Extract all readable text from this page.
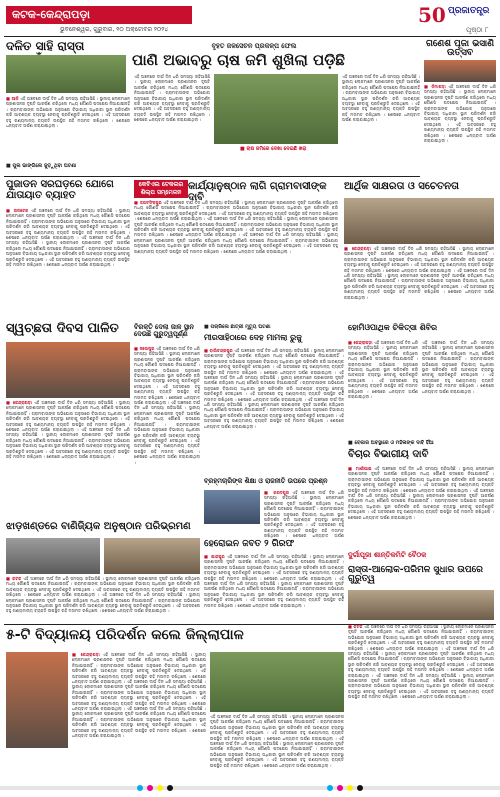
କଟକ-କେନ୍ଦ୍ରାପଡ଼ା
ଭୁବନେଶ୍ୱର, ଗୁରୁବାର, ୧୦ ଅକ୍ଟୋବର ୨୦୨୪
50 ପ୍ରଜାତନ୍ତ୍ର
ପୃଷ୍ଠା ୮
ଦଳିତ ସାହି ରାସ୍ତା
■ ଆଳି ଏହି ଅଞ୍ଚଳରେ ଦୀର୍ଘ ଦିନ ଧରି ସମସ୍ୟା ରହିଆସିଛି । ସ୍ଥାନୀୟ ଲୋକମାନେ ପ୍ରଶାସନର ଦୃଷ୍ଟି ଆକର୍ଷଣ କରିଥିଲେ ମଧ୍ୟ କୌଣସି ପଦକ୍ଷେପ ନିଆଯାଇନାହିଁ । ଗ୍ରାମବାସୀଙ୍କ ଅଭିଯୋଗ ଅନୁସାରେ ବିଭାଗୀୟ ଅଧିକାରୀ ସ୍ଥାନ ପରିଦର୍ଶନ କରି ଆବଶ୍ୟକ ବ୍ୟବସ୍ଥା ନେବାକୁ ପ୍ରତିଶ୍ରୁତି ଦେଇଥିଲେ । ଏହି ଅବସରରେ ବହୁ ଗଣ୍ୟମାନ୍ୟ ବ୍ୟକ୍ତି ଉପସ୍ଥିତ ରହି ମତାମତ ରଖିଥିଲେ । ଶେଷରେ ଧନ୍ୟବାଦ ଅର୍ପଣ କରାଯାଇଥିଲା ।
ବୃହତ ଜଳସେଚନ ପ୍ରକଳ୍ପ ଫେଲ
ପାଣି ଅଭାବରୁ ଚାଷ ଜମି ଶୁଖିଲା ପଡ଼ିଛି
ଏହି ଅଞ୍ଚଳରେ ଦୀର୍ଘ ଦିନ ଧରି ସମସ୍ୟା ରହିଆସିଛି । ସ୍ଥାନୀୟ ଲୋକମାନେ ପ୍ରଶାସନର ଦୃଷ୍ଟି ଆକର୍ଷଣ କରିଥିଲେ ମଧ୍ୟ କୌଣସି ପଦକ୍ଷେପ ନିଆଯାଇନାହିଁ । ଗ୍ରାମବାସୀଙ୍କ ଅଭିଯୋଗ ଅନୁସାରେ ବିଭାଗୀୟ ଅଧିକାରୀ ସ୍ଥାନ ପରିଦର୍ଶନ କରି ଆବଶ୍ୟକ ବ୍ୟବସ୍ଥା ନେବାକୁ ପ୍ରତିଶ୍ରୁତି ଦେଇଥିଲେ । ଏହି ଅବସରରେ ବହୁ ଗଣ୍ୟମାନ୍ୟ ବ୍ୟକ୍ତି ଉପସ୍ଥିତ ରହି ମତାମତ ରଖିଥିଲେ । ଶେଷରେ ଧନ୍ୟବାଦ ଅର୍ପଣ କରାଯାଇଥିଲା ।
■ ଚାଷ ଜମିରେ ଦେଖା ଦେଇଛି ଖରା
ଏହି ଅଞ୍ଚଳରେ ଦୀର୍ଘ ଦିନ ଧରି ସମସ୍ୟା ରହିଆସିଛି । ସ୍ଥାନୀୟ ଲୋକମାନେ ପ୍ରଶାସନର ଦୃଷ୍ଟି ଆକର୍ଷଣ କରିଥିଲେ ମଧ୍ୟ କୌଣସି ପଦକ୍ଷେପ ନିଆଯାଇନାହିଁ । ଗ୍ରାମବାସୀଙ୍କ ଅଭିଯୋଗ ଅନୁସାରେ ବିଭାଗୀୟ ଅଧିକାରୀ ସ୍ଥାନ ପରିଦର୍ଶନ କରି ଆବଶ୍ୟକ ବ୍ୟବସ୍ଥା ନେବାକୁ ପ୍ରତିଶ୍ରୁତି ଦେଇଥିଲେ । ଏହି ଅବସରରେ ବହୁ ଗଣ୍ୟମାନ୍ୟ ବ୍ୟକ୍ତି ଉପସ୍ଥିତ ରହି ମତାମତ ରଖିଥିଲେ । ଶେଷରେ ଧନ୍ୟବାଦ ଅର୍ପଣ କରାଯାଇଥିଲା ।
ଗଣେଶ ପୂଜା ଭସାଣି ଉତ୍ସବ
■ ନିମାପଡ଼ା ଏହି ଅଞ୍ଚଳରେ ଦୀର୍ଘ ଦିନ ଧରି ସମସ୍ୟା ରହିଆସିଛି । ସ୍ଥାନୀୟ ଲୋକମାନେ ପ୍ରଶାସନର ଦୃଷ୍ଟି ଆକର୍ଷଣ କରିଥିଲେ ମଧ୍ୟ କୌଣସି ପଦକ୍ଷେପ ନିଆଯାଇନାହିଁ । ଗ୍ରାମବାସୀଙ୍କ ଅଭିଯୋଗ ଅନୁସାରେ ବିଭାଗୀୟ ଅଧିକାରୀ ସ୍ଥାନ ପରିଦର୍ଶନ କରି ଆବଶ୍ୟକ ବ୍ୟବସ୍ଥା ନେବାକୁ ପ୍ରତିଶ୍ରୁତି ଦେଇଥିଲେ । ଏହି ଅବସରରେ ବହୁ ଗଣ୍ୟମାନ୍ୟ ବ୍ୟକ୍ତି ଉପସ୍ଥିତ ରହି ମତାମତ ରଖିଥିଲେ । ଶେଷରେ ଧନ୍ୟବାଦ ଅର୍ପଣ କରାଯାଇଥିଲା ।
■ ପୁଲ ଭାଙ୍ଗିଲେ ଜୁଡ଼ୁଥିବା ଘଟଣା
ପୁଜାଡନ ସରଘଡ଼ରେ ଯୋଗେ ଯାତାୟାତ ବ୍ୟାହତ
■ ତାଳଚେର ଏହି ଅଞ୍ଚଳରେ ଦୀର୍ଘ ଦିନ ଧରି ସମସ୍ୟା ରହିଆସିଛି । ସ୍ଥାନୀୟ ଲୋକମାନେ ପ୍ରଶାସନର ଦୃଷ୍ଟି ଆକର୍ଷଣ କରିଥିଲେ ମଧ୍ୟ କୌଣସି ପଦକ୍ଷେପ ନିଆଯାଇନାହିଁ । ଗ୍ରାମବାସୀଙ୍କ ଅଭିଯୋଗ ଅନୁସାରେ ବିଭାଗୀୟ ଅଧିକାରୀ ସ୍ଥାନ ପରିଦର୍ଶନ କରି ଆବଶ୍ୟକ ବ୍ୟବସ୍ଥା ନେବାକୁ ପ୍ରତିଶ୍ରୁତି ଦେଇଥିଲେ । ଏହି ଅବସରରେ ବହୁ ଗଣ୍ୟମାନ୍ୟ ବ୍ୟକ୍ତି ଉପସ୍ଥିତ ରହି ମତାମତ ରଖିଥିଲେ । ଶେଷରେ ଧନ୍ୟବାଦ ଅର୍ପଣ କରାଯାଇଥିଲା । ଏହି ଅଞ୍ଚଳରେ ଦୀର୍ଘ ଦିନ ଧରି ସମସ୍ୟା ରହିଆସିଛି । ସ୍ଥାନୀୟ ଲୋକମାନେ ପ୍ରଶାସନର ଦୃଷ୍ଟି ଆକର୍ଷଣ କରିଥିଲେ ମଧ୍ୟ କୌଣସି ପଦକ୍ଷେପ ନିଆଯାଇନାହିଁ । ଗ୍ରାମବାସୀଙ୍କ ଅଭିଯୋଗ ଅନୁସାରେ ବିଭାଗୀୟ ଅଧିକାରୀ ସ୍ଥାନ ପରିଦର୍ଶନ କରି ଆବଶ୍ୟକ ବ୍ୟବସ୍ଥା ନେବାକୁ ପ୍ରତିଶ୍ରୁତି ଦେଇଥିଲେ । ଏହି ଅବସରରେ ବହୁ ଗଣ୍ୟମାନ୍ୟ ବ୍ୟକ୍ତି ଉପସ୍ଥିତ ରହି ମତାମତ ରଖିଥିଲେ । ଶେଷରେ ଧନ୍ୟବାଦ ଅର୍ପଣ କରାଯାଇଥିଲା ।
କେବିଏଲ ଟେକଲର
ଶିଲ୍ପ ସମ୍ମେଳନ
କାର୍ଯ୍ୟାନୁଷ୍ଠାନ ଲାଗି ଗ୍ରାମବାସୀଙ୍କ ଦାବି
■ ଜଗତସିଂହପୁର ଏହି ଅଞ୍ଚଳରେ ଦୀର୍ଘ ଦିନ ଧରି ସମସ୍ୟା ରହିଆସିଛି । ସ୍ଥାନୀୟ ଲୋକମାନେ ପ୍ରଶାସନର ଦୃଷ୍ଟି ଆକର୍ଷଣ କରିଥିଲେ ମଧ୍ୟ କୌଣସି ପଦକ୍ଷେପ ନିଆଯାଇନାହିଁ । ଗ୍ରାମବାସୀଙ୍କ ଅଭିଯୋଗ ଅନୁସାରେ ବିଭାଗୀୟ ଅଧିକାରୀ ସ୍ଥାନ ପରିଦର୍ଶନ କରି ଆବଶ୍ୟକ ବ୍ୟବସ୍ଥା ନେବାକୁ ପ୍ରତିଶ୍ରୁତି ଦେଇଥିଲେ । ଏହି ଅବସରରେ ବହୁ ଗଣ୍ୟମାନ୍ୟ ବ୍ୟକ୍ତି ଉପସ୍ଥିତ ରହି ମତାମତ ରଖିଥିଲେ । ଶେଷରେ ଧନ୍ୟବାଦ ଅର୍ପଣ କରାଯାଇଥିଲା । ଏହି ଅଞ୍ଚଳରେ ଦୀର୍ଘ ଦିନ ଧରି ସମସ୍ୟା ରହିଆସିଛି । ସ୍ଥାନୀୟ ଲୋକମାନେ ପ୍ରଶାସନର ଦୃଷ୍ଟି ଆକର୍ଷଣ କରିଥିଲେ ମଧ୍ୟ କୌଣସି ପଦକ୍ଷେପ ନିଆଯାଇନାହିଁ । ଗ୍ରାମବାସୀଙ୍କ ଅଭିଯୋଗ ଅନୁସାରେ ବିଭାଗୀୟ ଅଧିକାରୀ ସ୍ଥାନ ପରିଦର୍ଶନ କରି ଆବଶ୍ୟକ ବ୍ୟବସ୍ଥା ନେବାକୁ ପ୍ରତିଶ୍ରୁତି ଦେଇଥିଲେ । ଏହି ଅବସରରେ ବହୁ ଗଣ୍ୟମାନ୍ୟ ବ୍ୟକ୍ତି ଉପସ୍ଥିତ ରହି ମତାମତ ରଖିଥିଲେ । ଶେଷରେ ଧନ୍ୟବାଦ ଅର୍ପଣ କରାଯାଇଥିଲା । ଏହି ଅଞ୍ଚଳରେ ଦୀର୍ଘ ଦିନ ଧରି ସମସ୍ୟା ରହିଆସିଛି । ସ୍ଥାନୀୟ ଲୋକମାନେ ପ୍ରଶାସନର ଦୃଷ୍ଟି ଆକର୍ଷଣ କରିଥିଲେ ମଧ୍ୟ କୌଣସି ପଦକ୍ଷେପ ନିଆଯାଇନାହିଁ । ଗ୍ରାମବାସୀଙ୍କ ଅଭିଯୋଗ ଅନୁସାରେ ବିଭାଗୀୟ ଅଧିକାରୀ ସ୍ଥାନ ପରିଦର୍ଶନ କରି ଆବଶ୍ୟକ ବ୍ୟବସ୍ଥା ନେବାକୁ ପ୍ରତିଶ୍ରୁତି ଦେଇଥିଲେ । ଏହି ଅବସରରେ ବହୁ ଗଣ୍ୟମାନ୍ୟ ବ୍ୟକ୍ତି ଉପସ୍ଥିତ ରହି ମତାମତ ରଖିଥିଲେ । ଶେଷରେ ଧନ୍ୟବାଦ ଅର୍ପଣ କରାଯାଇଥିଲା ।
ଆର୍ଥିକ ସାକ୍ଷରତା ଓ ସଚେତନତା
■ କେନ୍ଦ୍ରାପଡ଼ା ଏହି ଅଞ୍ଚଳରେ ଦୀର୍ଘ ଦିନ ଧରି ସମସ୍ୟା ରହିଆସିଛି । ସ୍ଥାନୀୟ ଲୋକମାନେ ପ୍ରଶାସନର ଦୃଷ୍ଟି ଆକର୍ଷଣ କରିଥିଲେ ମଧ୍ୟ କୌଣସି ପଦକ୍ଷେପ ନିଆଯାଇନାହିଁ । ଗ୍ରାମବାସୀଙ୍କ ଅଭିଯୋଗ ଅନୁସାରେ ବିଭାଗୀୟ ଅଧିକାରୀ ସ୍ଥାନ ପରିଦର୍ଶନ କରି ଆବଶ୍ୟକ ବ୍ୟବସ୍ଥା ନେବାକୁ ପ୍ରତିଶ୍ରୁତି ଦେଇଥିଲେ । ଏହି ଅବସରରେ ବହୁ ଗଣ୍ୟମାନ୍ୟ ବ୍ୟକ୍ତି ଉପସ୍ଥିତ ରହି ମତାମତ ରଖିଥିଲେ । ଶେଷରେ ଧନ୍ୟବାଦ ଅର୍ପଣ କରାଯାଇଥିଲା । ଏହି ଅଞ୍ଚଳରେ ଦୀର୍ଘ ଦିନ ଧରି ସମସ୍ୟା ରହିଆସିଛି । ସ୍ଥାନୀୟ ଲୋକମାନେ ପ୍ରଶାସନର ଦୃଷ୍ଟି ଆକର୍ଷଣ କରିଥିଲେ ମଧ୍ୟ କୌଣସି ପଦକ୍ଷେପ ନିଆଯାଇନାହିଁ । ଗ୍ରାମବାସୀଙ୍କ ଅଭିଯୋଗ ଅନୁସାରେ ବିଭାଗୀୟ ଅଧିକାରୀ ସ୍ଥାନ ପରିଦର୍ଶନ କରି ଆବଶ୍ୟକ ବ୍ୟବସ୍ଥା ନେବାକୁ ପ୍ରତିଶ୍ରୁତି ଦେଇଥିଲେ । ଏହି ଅବସରରେ ବହୁ ଗଣ୍ୟମାନ୍ୟ ବ୍ୟକ୍ତି ଉପସ୍ଥିତ ରହି ମତାମତ ରଖିଥିଲେ । ଶେଷରେ ଧନ୍ୟବାଦ ଅର୍ପଣ କରାଯାଇଥିଲା ।
ସ୍ୱଚ୍ଛତା ଦିବସ ପାଳିତ
■ କେନ୍ଦ୍ରାପଡ଼ା ଏହି ଅଞ୍ଚଳରେ ଦୀର୍ଘ ଦିନ ଧରି ସମସ୍ୟା ରହିଆସିଛି । ସ୍ଥାନୀୟ ଲୋକମାନେ ପ୍ରଶାସନର ଦୃଷ୍ଟି ଆକର୍ଷଣ କରିଥିଲେ ମଧ୍ୟ କୌଣସି ପଦକ୍ଷେପ ନିଆଯାଇନାହିଁ । ଗ୍ରାମବାସୀଙ୍କ ଅଭିଯୋଗ ଅନୁସାରେ ବିଭାଗୀୟ ଅଧିକାରୀ ସ୍ଥାନ ପରିଦର୍ଶନ କରି ଆବଶ୍ୟକ ବ୍ୟବସ୍ଥା ନେବାକୁ ପ୍ରତିଶ୍ରୁତି ଦେଇଥିଲେ । ଏହି ଅବସରରେ ବହୁ ଗଣ୍ୟମାନ୍ୟ ବ୍ୟକ୍ତି ଉପସ୍ଥିତ ରହି ମତାମତ ରଖିଥିଲେ । ଶେଷରେ ଧନ୍ୟବାଦ ଅର୍ପଣ କରାଯାଇଥିଲା । ଏହି ଅଞ୍ଚଳରେ ଦୀର୍ଘ ଦିନ ଧରି ସମସ୍ୟା ରହିଆସିଛି । ସ୍ଥାନୀୟ ଲୋକମାନେ ପ୍ରଶାସନର ଦୃଷ୍ଟି ଆକର୍ଷଣ କରିଥିଲେ ମଧ୍ୟ କୌଣସି ପଦକ୍ଷେପ ନିଆଯାଇନାହିଁ । ଗ୍ରାମବାସୀଙ୍କ ଅଭିଯୋଗ ଅନୁସାରେ ବିଭାଗୀୟ ଅଧିକାରୀ ସ୍ଥାନ ପରିଦର୍ଶନ କରି ଆବଶ୍ୟକ ବ୍ୟବସ୍ଥା ନେବାକୁ ପ୍ରତିଶ୍ରୁତି ଦେଇଥିଲେ । ଏହି ଅବସରରେ ବହୁ ଗଣ୍ୟମାନ୍ୟ ବ୍ୟକ୍ତି ଉପସ୍ଥିତ ରହି ମତାମତ ରଖିଥିଲେ । ଶେଷରେ ଧନ୍ୟବାଦ ଅର୍ପଣ କରାଯାଇଥିଲା ।
ବିରକ୍ତି ଦେଲା ଜାଳ ସ୍ଥାନ ଦେଉଛି ଗୁରୁତ୍ୱପୂର୍ଣ୍ଣ
■ ସଲେପୁର ଏହି ଅଞ୍ଚଳରେ ଦୀର୍ଘ ଦିନ ଧରି ସମସ୍ୟା ରହିଆସିଛି । ସ୍ଥାନୀୟ ଲୋକମାନେ ପ୍ରଶାସନର ଦୃଷ୍ଟି ଆକର୍ଷଣ କରିଥିଲେ ମଧ୍ୟ କୌଣସି ପଦକ୍ଷେପ ନିଆଯାଇନାହିଁ । ଗ୍ରାମବାସୀଙ୍କ ଅଭିଯୋଗ ଅନୁସାରେ ବିଭାଗୀୟ ଅଧିକାରୀ ସ୍ଥାନ ପରିଦର୍ଶନ କରି ଆବଶ୍ୟକ ବ୍ୟବସ୍ଥା ନେବାକୁ ପ୍ରତିଶ୍ରୁତି ଦେଇଥିଲେ । ଏହି ଅବସରରେ ବହୁ ଗଣ୍ୟମାନ୍ୟ ବ୍ୟକ୍ତି ଉପସ୍ଥିତ ରହି ମତାମତ ରଖିଥିଲେ । ଶେଷରେ ଧନ୍ୟବାଦ ଅର୍ପଣ କରାଯାଇଥିଲା । ଏହି ଅଞ୍ଚଳରେ ଦୀର୍ଘ ଦିନ ଧରି ସମସ୍ୟା ରହିଆସିଛି । ସ୍ଥାନୀୟ ଲୋକମାନେ ପ୍ରଶାସନର ଦୃଷ୍ଟି ଆକର୍ଷଣ କରିଥିଲେ ମଧ୍ୟ କୌଣସି ପଦକ୍ଷେପ ନିଆଯାଇନାହିଁ । ଗ୍ରାମବାସୀଙ୍କ ଅଭିଯୋଗ ଅନୁସାରେ ବିଭାଗୀୟ ଅଧିକାରୀ ସ୍ଥାନ ପରିଦର୍ଶନ କରି ଆବଶ୍ୟକ ବ୍ୟବସ୍ଥା ନେବାକୁ ପ୍ରତିଶ୍ରୁତି ଦେଇଥିଲେ । ଏହି ଅବସରରେ ବହୁ ଗଣ୍ୟମାନ୍ୟ ବ୍ୟକ୍ତି ଉପସ୍ଥିତ ରହି ମତାମତ ରଖିଥିଲେ । ଶେଷରେ ଧନ୍ୟବାଦ ଅର୍ପଣ କରାଯାଇଥିଲା ।
■ ପଚାରିଲେ ଛାତ୍ରୀ ମୃତ୍ୟୁ ଘଟଣା
ମୀରସାହିଠାରେ ଦେହ ମାମଲା ରୁଜୁ
■ ବାଲିଚନ୍ଦ୍ରପୁର ଏହି ଅଞ୍ଚଳରେ ଦୀର୍ଘ ଦିନ ଧରି ସମସ୍ୟା ରହିଆସିଛି । ସ୍ଥାନୀୟ ଲୋକମାନେ ପ୍ରଶାସନର ଦୃଷ୍ଟି ଆକର୍ଷଣ କରିଥିଲେ ମଧ୍ୟ କୌଣସି ପଦକ୍ଷେପ ନିଆଯାଇନାହିଁ । ଗ୍ରାମବାସୀଙ୍କ ଅଭିଯୋଗ ଅନୁସାରେ ବିଭାଗୀୟ ଅଧିକାରୀ ସ୍ଥାନ ପରିଦର୍ଶନ କରି ଆବଶ୍ୟକ ବ୍ୟବସ୍ଥା ନେବାକୁ ପ୍ରତିଶ୍ରୁତି ଦେଇଥିଲେ । ଏହି ଅବସରରେ ବହୁ ଗଣ୍ୟମାନ୍ୟ ବ୍ୟକ୍ତି ଉପସ୍ଥିତ ରହି ମତାମତ ରଖିଥିଲେ । ଶେଷରେ ଧନ୍ୟବାଦ ଅର୍ପଣ କରାଯାଇଥିଲା । ଏହି ଅଞ୍ଚଳରେ ଦୀର୍ଘ ଦିନ ଧରି ସମସ୍ୟା ରହିଆସିଛି । ସ୍ଥାନୀୟ ଲୋକମାନେ ପ୍ରଶାସନର ଦୃଷ୍ଟି ଆକର୍ଷଣ କରିଥିଲେ ମଧ୍ୟ କୌଣସି ପଦକ୍ଷେପ ନିଆଯାଇନାହିଁ । ଗ୍ରାମବାସୀଙ୍କ ଅଭିଯୋଗ ଅନୁସାରେ ବିଭାଗୀୟ ଅଧିକାରୀ ସ୍ଥାନ ପରିଦର୍ଶନ କରି ଆବଶ୍ୟକ ବ୍ୟବସ୍ଥା ନେବାକୁ ପ୍ରତିଶ୍ରୁତି ଦେଇଥିଲେ । ଏହି ଅବସରରେ ବହୁ ଗଣ୍ୟମାନ୍ୟ ବ୍ୟକ୍ତି ଉପସ୍ଥିତ ରହି ମତାମତ ରଖିଥିଲେ । ଶେଷରେ ଧନ୍ୟବାଦ ଅର୍ପଣ କରାଯାଇଥିଲା । ଏହି ଅଞ୍ଚଳରେ ଦୀର୍ଘ ଦିନ ଧରି ସମସ୍ୟା ରହିଆସିଛି । ସ୍ଥାନୀୟ ଲୋକମାନେ ପ୍ରଶାସନର ଦୃଷ୍ଟି ଆକର୍ଷଣ କରିଥିଲେ ମଧ୍ୟ କୌଣସି ପଦକ୍ଷେପ ନିଆଯାଇନାହିଁ । ଗ୍ରାମବାସୀଙ୍କ ଅଭିଯୋଗ ଅନୁସାରେ ବିଭାଗୀୟ ଅଧିକାରୀ ସ୍ଥାନ ପରିଦର୍ଶନ କରି ଆବଶ୍ୟକ ବ୍ୟବସ୍ଥା ନେବାକୁ ପ୍ରତିଶ୍ରୁତି ଦେଇଥିଲେ । ଏହି ଅବସରରେ ବହୁ ଗଣ୍ୟମାନ୍ୟ ବ୍ୟକ୍ତି ଉପସ୍ଥିତ ରହି ମତାମତ ରଖିଥିଲେ । ଶେଷରେ ଧନ୍ୟବାଦ ଅର୍ପଣ କରାଯାଇଥିଲା ।
ହୋମିଓପାଥିକ ଚିକିତ୍ସା ଶିବିର
■ କେନ୍ଦ୍ରାପଡ଼ା ଏହି ଅଞ୍ଚଳରେ ଦୀର୍ଘ ଦିନ ଧରି ସମସ୍ୟା ରହିଆସିଛି । ସ୍ଥାନୀୟ ଲୋକମାନେ ପ୍ରଶାସନର ଦୃଷ୍ଟି ଆକର୍ଷଣ କରିଥିଲେ ମଧ୍ୟ କୌଣସି ପଦକ୍ଷେପ ନିଆଯାଇନାହିଁ । ଗ୍ରାମବାସୀଙ୍କ ଅଭିଯୋଗ ଅନୁସାରେ ବିଭାଗୀୟ ଅଧିକାରୀ ସ୍ଥାନ ପରିଦର୍ଶନ କରି ଆବଶ୍ୟକ ବ୍ୟବସ୍ଥା ନେବାକୁ ପ୍ରତିଶ୍ରୁତି ଦେଇଥିଲେ । ଏହି ଅବସରରେ ବହୁ ଗଣ୍ୟମାନ୍ୟ ବ୍ୟକ୍ତି ଉପସ୍ଥିତ ରହି ମତାମତ ରଖିଥିଲେ । ଶେଷରେ ଧନ୍ୟବାଦ ଅର୍ପଣ କରାଯାଇଥିଲା ।
ଏହି ଅଞ୍ଚଳରେ ଦୀର୍ଘ ଦିନ ଧରି ସମସ୍ୟା ରହିଆସିଛି । ସ୍ଥାନୀୟ ଲୋକମାନେ ପ୍ରଶାସନର ଦୃଷ୍ଟି ଆକର୍ଷଣ କରିଥିଲେ ମଧ୍ୟ କୌଣସି ପଦକ୍ଷେପ ନିଆଯାଇନାହିଁ । ଗ୍ରାମବାସୀଙ୍କ ଅଭିଯୋଗ ଅନୁସାରେ ବିଭାଗୀୟ ଅଧିକାରୀ ସ୍ଥାନ ପରିଦର୍ଶନ କରି ଆବଶ୍ୟକ ବ୍ୟବସ୍ଥା ନେବାକୁ ପ୍ରତିଶ୍ରୁତି ଦେଇଥିଲେ । ଏହି ଅବସରରେ ବହୁ ଗଣ୍ୟମାନ୍ୟ ବ୍ୟକ୍ତି ଉପସ୍ଥିତ ରହି ମତାମତ ରଖିଥିଲେ । ଶେଷରେ ଧନ୍ୟବାଦ ଅର୍ପଣ କରାଯାଇଥିଲା ।
■ ବେକାର ଅବସ୍ଥାରେ ଓ ମହିଳାଙ୍କ ଦାବି ହିଁଆ
ବିଚାର ବିଭାଗୀୟ ଦାବି
■ ମାର୍ଶାଘାଇ ଏହି ଅଞ୍ଚଳରେ ଦୀର୍ଘ ଦିନ ଧରି ସମସ୍ୟା ରହିଆସିଛି । ସ୍ଥାନୀୟ ଲୋକମାନେ ପ୍ରଶାସନର ଦୃଷ୍ଟି ଆକର୍ଷଣ କରିଥିଲେ ମଧ୍ୟ କୌଣସି ପଦକ୍ଷେପ ନିଆଯାଇନାହିଁ । ଗ୍ରାମବାସୀଙ୍କ ଅଭିଯୋଗ ଅନୁସାରେ ବିଭାଗୀୟ ଅଧିକାରୀ ସ୍ଥାନ ପରିଦର୍ଶନ କରି ଆବଶ୍ୟକ ବ୍ୟବସ୍ଥା ନେବାକୁ ପ୍ରତିଶ୍ରୁତି ଦେଇଥିଲେ । ଏହି ଅବସରରେ ବହୁ ଗଣ୍ୟମାନ୍ୟ ବ୍ୟକ୍ତି ଉପସ୍ଥିତ ରହି ମତାମତ ରଖିଥିଲେ । ଶେଷରେ ଧନ୍ୟବାଦ ଅର୍ପଣ କରାଯାଇଥିଲା । ଏହି ଅଞ୍ଚଳରେ ଦୀର୍ଘ ଦିନ ଧରି ସମସ୍ୟା ରହିଆସିଛି । ସ୍ଥାନୀୟ ଲୋକମାନେ ପ୍ରଶାସନର ଦୃଷ୍ଟି ଆକର୍ଷଣ କରିଥିଲେ ମଧ୍ୟ କୌଣସି ପଦକ୍ଷେପ ନିଆଯାଇନାହିଁ । ଗ୍ରାମବାସୀଙ୍କ ଅଭିଯୋଗ ଅନୁସାରେ ବିଭାଗୀୟ ଅଧିକାରୀ ସ୍ଥାନ ପରିଦର୍ଶନ କରି ଆବଶ୍ୟକ ବ୍ୟବସ୍ଥା ନେବାକୁ ପ୍ରତିଶ୍ରୁତି ଦେଇଥିଲେ । ଏହି ଅବସରରେ ବହୁ ଗଣ୍ୟମାନ୍ୟ ବ୍ୟକ୍ତି ଉପସ୍ଥିତ ରହି ମତାମତ ରଖିଥିଲେ । ଶେଷରେ ଧନ୍ୟବାଦ ଅର୍ପଣ କରାଯାଇଥିଲା ।
ବ୍ରହ୍ମଚାରିଙ୍କ ଶିକ୍ଷା ଓ ରାଜନୀତି ଉପରେ ପ୍ରଶ୍ନ
■ ଗରଦପୁର ଏହି ଅଞ୍ଚଳରେ ଦୀର୍ଘ ଦିନ ଧରି ସମସ୍ୟା ରହିଆସିଛି । ସ୍ଥାନୀୟ ଲୋକମାନେ ପ୍ରଶାସନର ଦୃଷ୍ଟି ଆକର୍ଷଣ କରିଥିଲେ ମଧ୍ୟ କୌଣସି ପଦକ୍ଷେପ ନିଆଯାଇନାହିଁ । ଗ୍ରାମବାସୀଙ୍କ ଅଭିଯୋଗ ଅନୁସାରେ ବିଭାଗୀୟ ଅଧିକାରୀ ସ୍ଥାନ ପରିଦର୍ଶନ କରି ଆବଶ୍ୟକ ବ୍ୟବସ୍ଥା ନେବାକୁ ପ୍ରତିଶ୍ରୁତି ଦେଇଥିଲେ । ଏହି ଅବସରରେ ବହୁ ଗଣ୍ୟମାନ୍ୟ ବ୍ୟକ୍ତି ଉପସ୍ଥିତ ରହି ମତାମତ ରଖିଥିଲେ । ଶେଷରେ ଧନ୍ୟବାଦ ଅର୍ପଣ
ଝାଡ଼ଖଣ୍ଡରେ ବାଣିଜ୍ୟିକ ଅନୁଷ୍ଠାନ ପରିଭ୍ରମଣ
■ କଟକ ଏହି ଅଞ୍ଚଳରେ ଦୀର୍ଘ ଦିନ ଧରି ସମସ୍ୟା ରହିଆସିଛି । ସ୍ଥାନୀୟ ଲୋକମାନେ ପ୍ରଶାସନର ଦୃଷ୍ଟି ଆକର୍ଷଣ କରିଥିଲେ ମଧ୍ୟ କୌଣସି ପଦକ୍ଷେପ ନିଆଯାଇନାହିଁ । ଗ୍ରାମବାସୀଙ୍କ ଅଭିଯୋଗ ଅନୁସାରେ ବିଭାଗୀୟ ଅଧିକାରୀ ସ୍ଥାନ ପରିଦର୍ଶନ କରି ଆବଶ୍ୟକ ବ୍ୟବସ୍ଥା ନେବାକୁ ପ୍ରତିଶ୍ରୁତି ଦେଇଥିଲେ । ଏହି ଅବସରରେ ବହୁ ଗଣ୍ୟମାନ୍ୟ ବ୍ୟକ୍ତି ଉପସ୍ଥିତ ରହି ମତାମତ ରଖିଥିଲେ । ଶେଷରେ ଧନ୍ୟବାଦ ଅର୍ପଣ କରାଯାଇଥିଲା । ଏହି ଅଞ୍ଚଳରେ ଦୀର୍ଘ ଦିନ ଧରି ସମସ୍ୟା ରହିଆସିଛି । ସ୍ଥାନୀୟ ଲୋକମାନେ ପ୍ରଶାସନର ଦୃଷ୍ଟି ଆକର୍ଷଣ କରିଥିଲେ ମଧ୍ୟ କୌଣସି ପଦକ୍ଷେପ ନିଆଯାଇନାହିଁ । ଗ୍ରାମବାସୀଙ୍କ ଅଭିଯୋଗ ଅନୁସାରେ ବିଭାଗୀୟ ଅଧିକାରୀ ସ୍ଥାନ ପରିଦର୍ଶନ କରି ଆବଶ୍ୟକ ବ୍ୟବସ୍ଥା ନେବାକୁ ପ୍ରତିଶ୍ରୁତି ଦେଇଥିଲେ । ଏହି ଅବସରରେ ବହୁ ଗଣ୍ୟମାନ୍ୟ ବ୍ୟକ୍ତି ଉପସ୍ଥିତ ରହି ମତାମତ ରଖିଥିଲେ । ଶେଷରେ ଧନ୍ୟବାଦ ଅର୍ପଣ କରାଯାଇଥିଲା ।
ହେରୋଇନ ଜବତ ୨ ଗିରଫ
■ ଯାଜପୁର ଏହି ଅଞ୍ଚଳରେ ଦୀର୍ଘ ଦିନ ଧରି ସମସ୍ୟା ରହିଆସିଛି । ସ୍ଥାନୀୟ ଲୋକମାନେ ପ୍ରଶାସନର ଦୃଷ୍ଟି ଆକର୍ଷଣ କରିଥିଲେ ମଧ୍ୟ କୌଣସି ପଦକ୍ଷେପ ନିଆଯାଇନାହିଁ । ଗ୍ରାମବାସୀଙ୍କ ଅଭିଯୋଗ ଅନୁସାରେ ବିଭାଗୀୟ ଅଧିକାରୀ ସ୍ଥାନ ପରିଦର୍ଶନ କରି ଆବଶ୍ୟକ ବ୍ୟବସ୍ଥା ନେବାକୁ ପ୍ରତିଶ୍ରୁତି ଦେଇଥିଲେ । ଏହି ଅବସରରେ ବହୁ ଗଣ୍ୟମାନ୍ୟ ବ୍ୟକ୍ତି ଉପସ୍ଥିତ ରହି ମତାମତ ରଖିଥିଲେ । ଶେଷରେ ଧନ୍ୟବାଦ ଅର୍ପଣ କରାଯାଇଥିଲା । ଏହି ଅଞ୍ଚଳରେ ଦୀର୍ଘ ଦିନ ଧରି ସମସ୍ୟା ରହିଆସିଛି । ସ୍ଥାନୀୟ ଲୋକମାନେ ପ୍ରଶାସନର ଦୃଷ୍ଟି ଆକର୍ଷଣ କରିଥିଲେ ମଧ୍ୟ କୌଣସି ପଦକ୍ଷେପ ନିଆଯାଇନାହିଁ । ଗ୍ରାମବାସୀଙ୍କ ଅଭିଯୋଗ ଅନୁସାରେ ବିଭାଗୀୟ ଅଧିକାରୀ ସ୍ଥାନ ପରିଦର୍ଶନ କରି ଆବଶ୍ୟକ ବ୍ୟବସ୍ଥା ନେବାକୁ ପ୍ରତିଶ୍ରୁତି ଦେଇଥିଲେ । ଏହି ଅବସରରେ ବହୁ ଗଣ୍ୟମାନ୍ୟ ବ୍ୟକ୍ତି ଉପସ୍ଥିତ ରହି ମତାମତ ରଖିଥିଲେ । ଶେଷରେ ଧନ୍ୟବାଦ ଅର୍ପଣ କରାଯାଇଥିଲା ।
ଦୁର୍ଗାପୂଜା ଶାନ୍ତିକମିଟି ବୈଠକ
ରାସ୍ତା-ଆଲୋକ-ପରିମଳ ସୁଧାର ଉପରେ ଗୁରୁତ୍ୱ
୫-ଟି ବିଦ୍ୟାଳୟ ପରିଦର୍ଶନ କଲେ ଜିଲ୍ଲାପାଳ
■ କେନ୍ଦ୍ରାପଡ଼ା ଏହି ଅଞ୍ଚଳରେ ଦୀର୍ଘ ଦିନ ଧରି ସମସ୍ୟା ରହିଆସିଛି । ସ୍ଥାନୀୟ ଲୋକମାନେ ପ୍ରଶାସନର ଦୃଷ୍ଟି ଆକର୍ଷଣ କରିଥିଲେ ମଧ୍ୟ କୌଣସି ପଦକ୍ଷେପ ନିଆଯାଇନାହିଁ । ଗ୍ରାମବାସୀଙ୍କ ଅଭିଯୋଗ ଅନୁସାରେ ବିଭାଗୀୟ ଅଧିକାରୀ ସ୍ଥାନ ପରିଦର୍ଶନ କରି ଆବଶ୍ୟକ ବ୍ୟବସ୍ଥା ନେବାକୁ ପ୍ରତିଶ୍ରୁତି ଦେଇଥିଲେ । ଏହି ଅବସରରେ ବହୁ ଗଣ୍ୟମାନ୍ୟ ବ୍ୟକ୍ତି ଉପସ୍ଥିତ ରହି ମତାମତ ରଖିଥିଲେ । ଶେଷରେ ଧନ୍ୟବାଦ ଅର୍ପଣ କରାଯାଇଥିଲା । ଏହି ଅଞ୍ଚଳରେ ଦୀର୍ଘ ଦିନ ଧରି ସମସ୍ୟା ରହିଆସିଛି । ସ୍ଥାନୀୟ ଲୋକମାନେ ପ୍ରଶାସନର ଦୃଷ୍ଟି ଆକର୍ଷଣ କରିଥିଲେ ମଧ୍ୟ କୌଣସି ପଦକ୍ଷେପ ନିଆଯାଇନାହିଁ । ଗ୍ରାମବାସୀଙ୍କ ଅଭିଯୋଗ ଅନୁସାରେ ବିଭାଗୀୟ ଅଧିକାରୀ ସ୍ଥାନ ପରିଦର୍ଶନ କରି ଆବଶ୍ୟକ ବ୍ୟବସ୍ଥା ନେବାକୁ ପ୍ରତିଶ୍ରୁତି ଦେଇଥିଲେ । ଏହି ଅବସରରେ ବହୁ ଗଣ୍ୟମାନ୍ୟ ବ୍ୟକ୍ତି ଉପସ୍ଥିତ ରହି ମତାମତ ରଖିଥିଲେ । ଶେଷରେ ଧନ୍ୟବାଦ ଅର୍ପଣ କରାଯାଇଥିଲା । ଏହି ଅଞ୍ଚଳରେ ଦୀର୍ଘ ଦିନ ଧରି ସମସ୍ୟା ରହିଆସିଛି । ସ୍ଥାନୀୟ ଲୋକମାନେ ପ୍ରଶାସନର ଦୃଷ୍ଟି ଆକର୍ଷଣ କରିଥିଲେ ମଧ୍ୟ କୌଣସି ପଦକ୍ଷେପ ନିଆଯାଇନାହିଁ । ଗ୍ରାମବାସୀଙ୍କ ଅଭିଯୋଗ ଅନୁସାରେ ବିଭାଗୀୟ ଅଧିକାରୀ ସ୍ଥାନ ପରିଦର୍ଶନ କରି ଆବଶ୍ୟକ ବ୍ୟବସ୍ଥା ନେବାକୁ ପ୍ରତିଶ୍ରୁତି ଦେଇଥିଲେ । ଏହି ଅବସରରେ ବହୁ ଗଣ୍ୟମାନ୍ୟ ବ୍ୟକ୍ତି ଉପସ୍ଥିତ ରହି ମତାମତ ରଖିଥିଲେ । ଶେଷରେ ଧନ୍ୟବାଦ ଅର୍ପଣ କରାଯାଇଥିଲା ।
ଏହି ଅଞ୍ଚଳରେ ଦୀର୍ଘ ଦିନ ଧରି ସମସ୍ୟା ରହିଆସିଛି । ସ୍ଥାନୀୟ ଲୋକମାନେ ପ୍ରଶାସନର ଦୃଷ୍ଟି ଆକର୍ଷଣ କରିଥିଲେ ମଧ୍ୟ କୌଣସି ପଦକ୍ଷେପ ନିଆଯାଇନାହିଁ । ଗ୍ରାମବାସୀଙ୍କ ଅଭିଯୋଗ ଅନୁସାରେ ବିଭାଗୀୟ ଅଧିକାରୀ ସ୍ଥାନ ପରିଦର୍ଶନ କରି ଆବଶ୍ୟକ ବ୍ୟବସ୍ଥା ନେବାକୁ ପ୍ରତିଶ୍ରୁତି ଦେଇଥିଲେ । ଏହି ଅବସରରେ ବହୁ ଗଣ୍ୟମାନ୍ୟ ବ୍ୟକ୍ତି ଉପସ୍ଥିତ ରହି ମତାମତ ରଖିଥିଲେ । ଶେଷରେ ଧନ୍ୟବାଦ ଅର୍ପଣ କରାଯାଇଥିଲା । ଏହି ଅଞ୍ଚଳରେ ଦୀର୍ଘ ଦିନ ଧରି ସମସ୍ୟା ରହିଆସିଛି । ସ୍ଥାନୀୟ ଲୋକମାନେ ପ୍ରଶାସନର ଦୃଷ୍ଟି ଆକର୍ଷଣ କରିଥିଲେ ମଧ୍ୟ କୌଣସି ପଦକ୍ଷେପ ନିଆଯାଇନାହିଁ । ଗ୍ରାମବାସୀଙ୍କ ଅଭିଯୋଗ ଅନୁସାରେ ବିଭାଗୀୟ ଅଧିକାରୀ ସ୍ଥାନ ପରିଦର୍ଶନ କରି ଆବଶ୍ୟକ ବ୍ୟବସ୍ଥା ନେବାକୁ ପ୍ରତିଶ୍ରୁତି ଦେଇଥିଲେ । ଏହି ଅବସରରେ ବହୁ ଗଣ୍ୟମାନ୍ୟ ବ୍ୟକ୍ତି ଉପସ୍ଥିତ ରହି ମତାମତ ରଖିଥିଲେ । ଶେଷରେ ଧନ୍ୟବାଦ ଅର୍ପଣ କରାଯାଇଥିଲା ।
■ କଟକ ଏହି ଅଞ୍ଚଳରେ ଦୀର୍ଘ ଦିନ ଧରି ସମସ୍ୟା ରହିଆସିଛି । ସ୍ଥାନୀୟ ଲୋକମାନେ ପ୍ରଶାସନର ଦୃଷ୍ଟି ଆକର୍ଷଣ କରିଥିଲେ ମଧ୍ୟ କୌଣସି ପଦକ୍ଷେପ ନିଆଯାଇନାହିଁ । ଗ୍ରାମବାସୀଙ୍କ ଅଭିଯୋଗ ଅନୁସାରେ ବିଭାଗୀୟ ଅଧିକାରୀ ସ୍ଥାନ ପରିଦର୍ଶନ କରି ଆବଶ୍ୟକ ବ୍ୟବସ୍ଥା ନେବାକୁ ପ୍ରତିଶ୍ରୁତି ଦେଇଥିଲେ । ଏହି ଅବସରରେ ବହୁ ଗଣ୍ୟମାନ୍ୟ ବ୍ୟକ୍ତି ଉପସ୍ଥିତ ରହି ମତାମତ ରଖିଥିଲେ । ଶେଷରେ ଧନ୍ୟବାଦ ଅର୍ପଣ କରାଯାଇଥିଲା । ଏହି ଅଞ୍ଚଳରେ ଦୀର୍ଘ ଦିନ ଧରି ସମସ୍ୟା ରହିଆସିଛି । ସ୍ଥାନୀୟ ଲୋକମାନେ ପ୍ରଶାସନର ଦୃଷ୍ଟି ଆକର୍ଷଣ କରିଥିଲେ ମଧ୍ୟ କୌଣସି ପଦକ୍ଷେପ ନିଆଯାଇନାହିଁ । ଗ୍ରାମବାସୀଙ୍କ ଅଭିଯୋଗ ଅନୁସାରେ ବିଭାଗୀୟ ଅଧିକାରୀ ସ୍ଥାନ ପରିଦର୍ଶନ କରି ଆବଶ୍ୟକ ବ୍ୟବସ୍ଥା ନେବାକୁ ପ୍ରତିଶ୍ରୁତି ଦେଇଥିଲେ । ଏହି ଅବସରରେ ବହୁ ଗଣ୍ୟମାନ୍ୟ ବ୍ୟକ୍ତି ଉପସ୍ଥିତ ରହି ମତାମତ ରଖିଥିଲେ । ଶେଷରେ ଧନ୍ୟବାଦ ଅର୍ପଣ କରାଯାଇଥିଲା । ଏହି ଅଞ୍ଚଳରେ ଦୀର୍ଘ ଦିନ ଧରି ସମସ୍ୟା ରହିଆସିଛି । ସ୍ଥାନୀୟ ଲୋକମାନେ ପ୍ରଶାସନର ଦୃଷ୍ଟି ଆକର୍ଷଣ କରିଥିଲେ ମଧ୍ୟ କୌଣସି ପଦକ୍ଷେପ ନିଆଯାଇନାହିଁ । ଗ୍ରାମବାସୀଙ୍କ ଅଭିଯୋଗ ଅନୁସାରେ ବିଭାଗୀୟ ଅଧିକାରୀ ସ୍ଥାନ ପରିଦର୍ଶନ କରି ଆବଶ୍ୟକ ବ୍ୟବସ୍ଥା ନେବାକୁ ପ୍ରତିଶ୍ରୁତି ଦେଇଥିଲେ । ଏହି ଅବସରରେ ବହୁ ଗଣ୍ୟମାନ୍ୟ ବ୍ୟକ୍ତି ଉପସ୍ଥିତ ରହି ମତାମତ ରଖିଥିଲେ । ଶେଷରେ ଧନ୍ୟବାଦ ଅର୍ପଣ କରାଯାଇଥିଲା ।
